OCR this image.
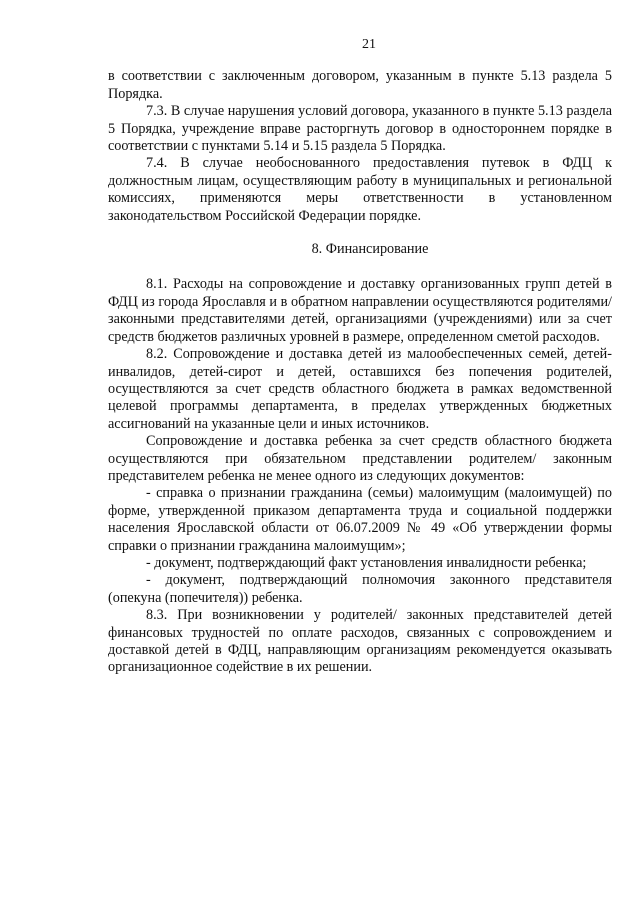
21

в соответствии с заключенным договором, указанным в пункте 5.13 раздела 5 Порядка.

7.3. В случае нарушения условий договора, указанного в пункте 5.13 раздела 5 Порядка, учреждение вправе расторгнуть договор в одностороннем порядке в соответствии с пунктами 5.14 и 5.15 раздела 5 Порядка.

7.4. В случае необоснованного предоставления путевок в ФДЦ к должностным лицам, осуществляющим работу в муниципальных и региональной комиссиях, применяются меры ответственности в установленном законодательством Российской Федерации порядке.

8. Финансирование

8.1. Расходы на сопровождение и доставку организованных групп детей в ФДЦ из города Ярославля и в обратном направлении осуществляются родителями/ законными представителями детей, организациями (учреждениями) или за счет средств бюджетов различных уровней в размере, определенном сметой расходов.

8.2. Сопровождение и доставка детей из малообеспеченных семей, детей-инвалидов, детей-сирот и детей, оставшихся без попечения родителей, осуществляются за счет средств областного бюджета в рамках ведомственной целевой программы департамента, в пределах утвержденных бюджетных ассигнований на указанные цели и иных источников.

Сопровождение и доставка ребенка за счет средств областного бюджета осуществляются при обязательном представлении родителем/ законным представителем ребенка не менее одного из следующих документов:

- справка о признании гражданина (семьи) малоимущим (малоимущей) по форме, утвержденной приказом департамента труда и социальной поддержки населения Ярославской области от 06.07.2009 № 49 «Об утверждении формы справки о признании гражданина малоимущим»;

- документ, подтверждающий факт установления инвалидности ребенка;

- документ, подтверждающий полномочия законного представителя (опекуна (попечителя)) ребенка.

8.3. При возникновении у родителей/ законных представителей детей финансовых трудностей по оплате расходов, связанных с сопровождением и доставкой детей в ФДЦ, направляющим организациям рекомендуется оказывать организационное содействие в их решении.
